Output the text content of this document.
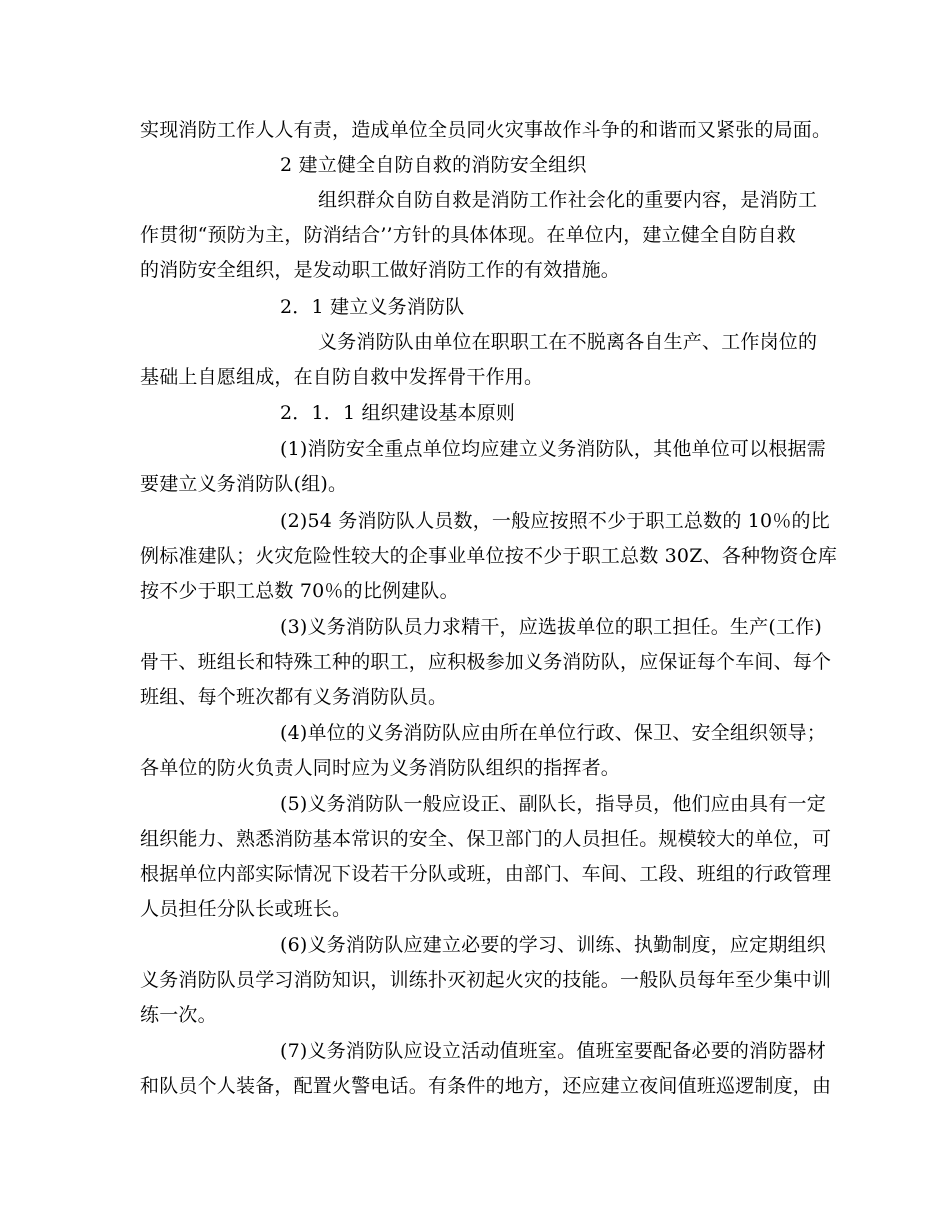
实现消防工作人人有责，造成单位全员同火灾事故作斗争的和谐而又紧张的局面。
2 建立健全自防自救的消防安全组织
组织群众自防自救是消防工作社会化的重要内容，是消防工
作贯彻“预防为主，防消结合’’方针的具体体现。在单位内，建立健全自防自救
的消防安全组织，是发动职工做好消防工作的有效措施。
2．1 建立义务消防队
义务消防队由单位在职职工在不脱离各自生产、工作岗位的
基础上自愿组成，在自防自救中发挥骨干作用。
2．1．1 组织建设基本原则
(1)消防安全重点单位均应建立义务消防队，其他单位可以根据需
要建立义务消防队(组)。
(2)54 务消防队人员数，一般应按照不少于职工总数的 10％的比
例标准建队；火灾危险性较大的企事业单位按不少于职工总数 30Z、各种物资仓库
按不少于职工总数 70％的比例建队。
(3)义务消防队员力求精干，应选拔单位的职工担任。生产(工作)
骨干、班组长和特殊工种的职工，应积极参加义务消防队，应保证每个车间、每个
班组、每个班次都有义务消防队员。
(4)单位的义务消防队应由所在单位行政、保卫、安全组织领导；
各单位的防火负责人同时应为义务消防队组织的指挥者。
(5)义务消防队一般应设正、副队长，指导员，他们应由具有一定
组织能力、熟悉消防基本常识的安全、保卫部门的人员担任。规模较大的单位，可
根据单位内部实际情况下设若干分队或班，由部门、车间、工段、班组的行政管理
人员担任分队长或班长。
(6)义务消防队应建立必要的学习、训练、执勤制度，应定期组织
义务消防队员学习消防知识，训练扑灭初起火灾的技能。一般队员每年至少集中训
练一次。
(7)义务消防队应设立活动值班室。值班室要配备必要的消防器材
和队员个人装备，配置火警电话。有条件的地方，还应建立夜间值班巡逻制度，由
